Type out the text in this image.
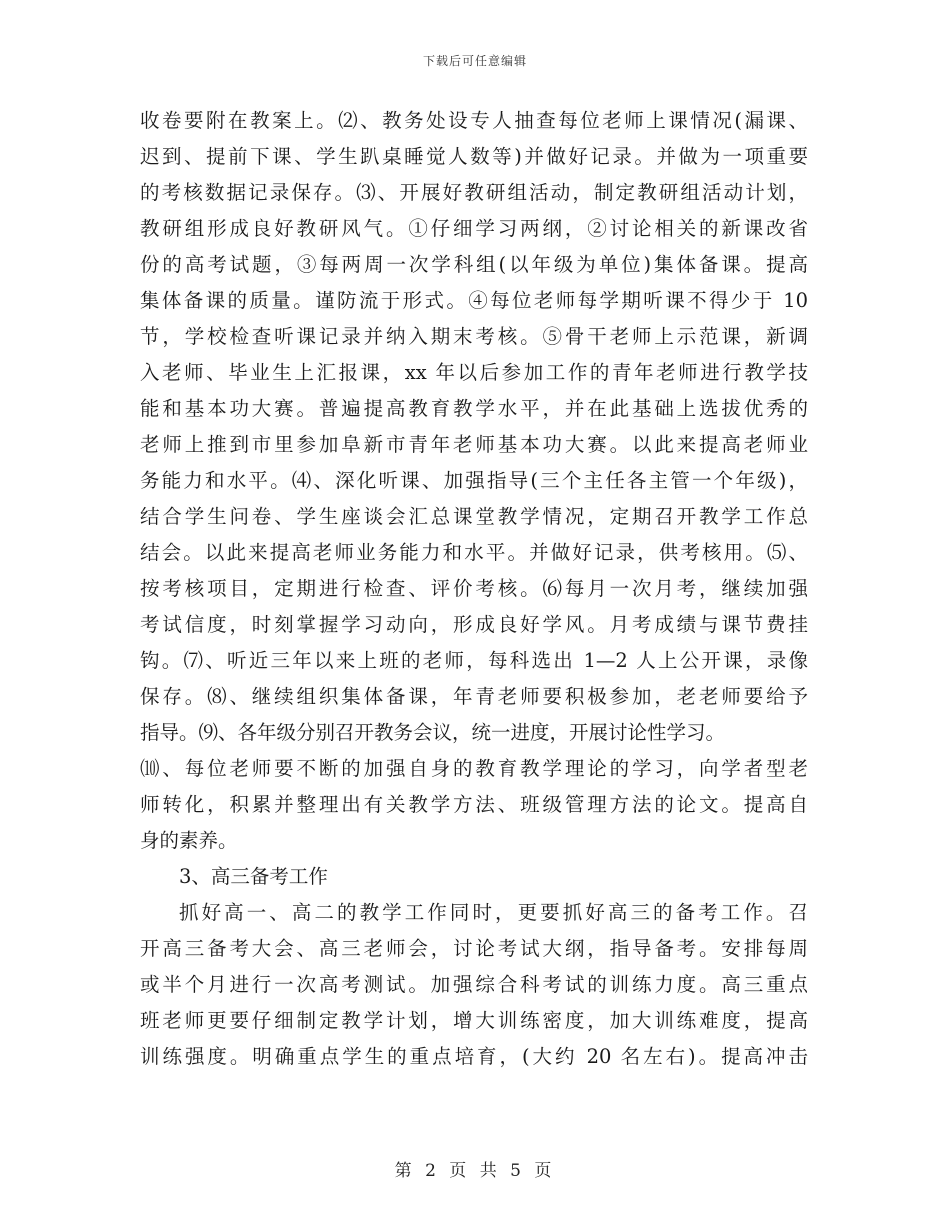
下载后可任意编辑
收卷要附在教案上。⑵、教务处设专人抽查每位老师上课情况(漏课、
迟到、提前下课、学生趴桌睡觉人数等)并做好记录。并做为一项重要
的考核数据记录保存。⑶、开展好教研组活动，制定教研组活动计划，
教研组形成良好教研风气。①仔细学习两纲，②讨论相关的新课改省
份的高考试题，③每两周一次学科组(以年级为单位)集体备课。提高
集体备课的质量。谨防流于形式。④每位老师每学期听课不得少于 10
节，学校检查听课记录并纳入期末考核。⑤骨干老师上示范课，新调
入老师、毕业生上汇报课，xx 年以后参加工作的青年老师进行教学技
能和基本功大赛。普遍提高教育教学水平，并在此基础上选拔优秀的
老师上推到市里参加阜新市青年老师基本功大赛。以此来提高老师业
务能力和水平。⑷、深化听课、加强指导(三个主任各主管一个年级)，
结合学生问卷、学生座谈会汇总课堂教学情况，定期召开教学工作总
结会。以此来提高老师业务能力和水平。并做好记录，供考核用。⑸、
按考核项目，定期进行检查、评价考核。⑹每月一次月考，继续加强
考试信度，时刻掌握学习动向，形成良好学风。月考成绩与课节费挂
钩。⑺、听近三年以来上班的老师，每科选出 1—2 人上公开课，录像
保存。⑻、继续组织集体备课，年青老师要积极参加，老老师要给予
指导。⑼、各年级分别召开教务会议，统一进度，开展讨论性学习。
⑽、每位老师要不断的加强自身的教育教学理论的学习，向学者型老
师转化，积累并整理出有关教学方法、班级管理方法的论文。提高自
身的素养。
3、高三备考工作
抓好高一、高二的教学工作同时，更要抓好高三的备考工作。召
开高三备考大会、高三老师会，讨论考试大纲，指导备考。安排每周
或半个月进行一次高考测试。加强综合科考试的训练力度。高三重点
班老师更要仔细制定教学计划，增大训练密度，加大训练难度，提高
训练强度。明确重点学生的重点培育，(大约 20 名左右)。提高冲击
第 2 页 共 5 页
